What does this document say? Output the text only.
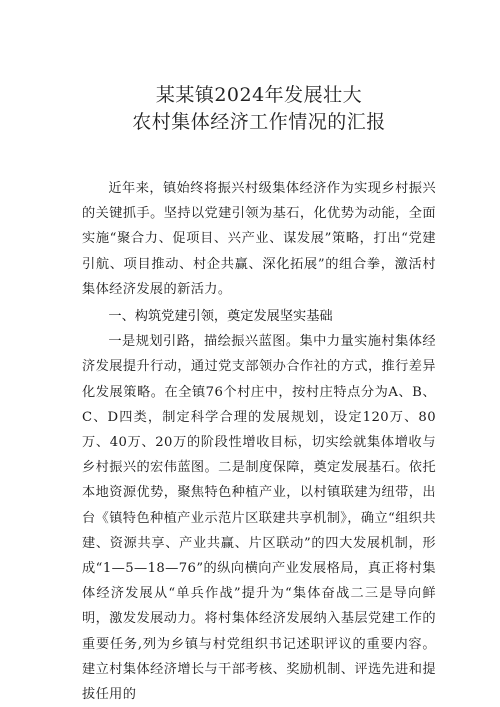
某某镇2024年发展壮大
农村集体经济工作情况的汇报

近年来，镇始终将振兴村级集体经济作为实现乡村振兴的关键抓手。坚持以党建引领为基石，化优势为动能，全面实施“聚合力、促项目、兴产业、谋发展”策略，打出“党建引航、项目推动、村企共赢、深化拓展”的组合拳，激活村集体经济发展的新活力。

一、构筑党建引领，奠定发展坚实基础

一是规划引路，描绘振兴蓝图。集中力量实施村集体经济发展提升行动，通过党支部领办合作社的方式，推行差异化发展策略。在全镇76个村庄中，按村庄特点分为A、B、C、D四类，制定科学合理的发展规划，设定120万、80万、40万、20万的阶段性增收目标，切实绘就集体增收与乡村振兴的宏伟蓝图。二是制度保障，奠定发展基石。依托本地资源优势，聚焦特色种植产业，以村镇联建为纽带，出台《镇特色种植产业示范片区联建共享机制》，确立“组织共建、资源共享、产业共赢、片区联动”的四大发展机制，形成“1—5—18—76”的纵向横向产业发展格局，真正将村集体经济发展从“单兵作战”提升为“集体奋战二三是导向鲜明，激发发展动力。将村集体经济发展纳入基层党建工作的重要任务,列为乡镇与村党组织书记述职评议的重要内容。建立村集体经济增长与干部考核、奖励机制、评选先进和提拔任用的
